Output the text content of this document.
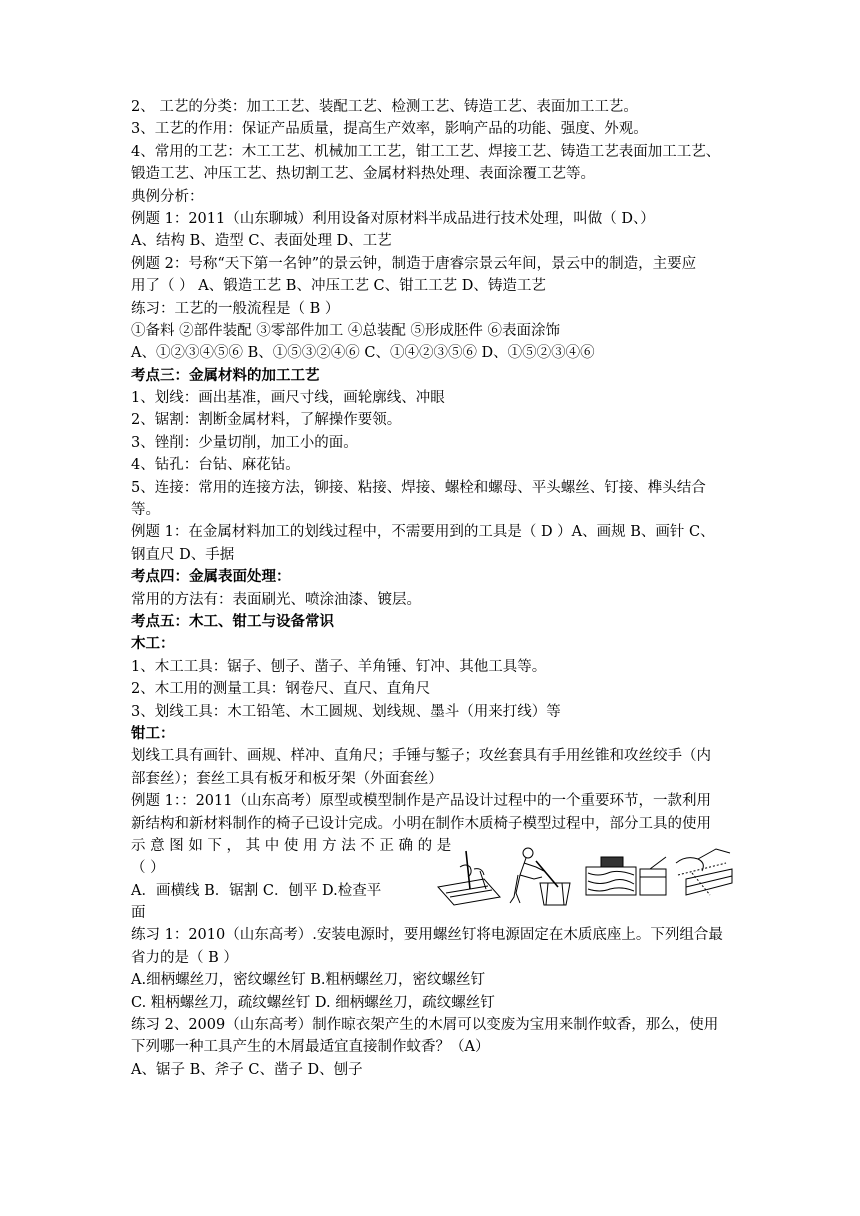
2、 工艺的分类：加工工艺、装配工艺、检测工艺、铸造工艺、表面加工工艺。
3、工艺的作用：保证产品质量，提高生产效率，影响产品的功能、强度、外观。
4、常用的工艺：木工工艺、机械加工工艺，钳工工艺、焊接工艺、铸造工艺表面加工工艺、
锻造工艺、冲压工艺、热切割工艺、金属材料热处理、表面涂覆工艺等。
典例分析：
例题 1：2011（山东聊城）利用设备对原材料半成品进行技术处理，叫做（ D、）
A、结构 B、造型 C、表面处理 D、工艺
例题 2：号称“天下第一名钟”的景云钟，制造于唐睿宗景云年间，景云中的制造，主要应
用了（ ） A、锻造工艺 B、冲压工艺 C、钳工工艺 D、铸造工艺
练习：工艺的一般流程是（ B ）
①备料 ②部件装配 ③零部件加工 ④总装配 ⑤形成胚件 ⑥表面涂饰
A、①②③④⑤⑥ B、①⑤③②④⑥ C、①④②③⑤⑥ D、①⑤②③④⑥
考点三：金属材料的加工工艺
1、划线：画出基准，画尺寸线，画轮廓线、冲眼
2、锯割：割断金属材料，了解操作要领。
3、锉削：少量切削，加工小的面。
4、钻孔：台钻、麻花钻。
5、连接：常用的连接方法，铆接、粘接、焊接、螺栓和螺母、平头螺丝、钉接、榫头结合
等。
例题 1：在金属材料加工的划线过程中，不需要用到的工具是（ D ）A、画规 B、画针 C、
钢直尺 D、手据
考点四：金属表面处理：
常用的方法有：表面刷光、喷涂油漆、镀层。
考点五：木工、钳工与设备常识
木工：
1、木工工具：锯子、刨子、凿子、羊角锤、钉冲、其他工具等。
2、木工用的测量工具：钢卷尺、直尺、直角尺
3、划线工具：木工铅笔、木工圆规、划线规、墨斗（用来打线）等
钳工：
划线工具有画针、画规、样冲、直角尺；手锤与錾子；攻丝套具有手用丝锥和攻丝绞手（内
部套丝）；套丝工具有板牙和板牙架（外面套丝）
例题 1：：2011（山东高考）原型或模型制作是产品设计过程中的一个重要环节，一款利用
新结构和新材料制作的椅子已设计完成。小明在制作木质椅子模型过程中，部分工具的使用
示 意 图 如 下 ， 其 中 使 用 方 法 不 正 确 的 是
（ ）
A．画横线 B．锯割 C．刨平 D.检查平
面
练习 1：2010（山东高考）.安装电源时，要用螺丝钉将电源固定在木质底座上。下列组合最
省力的是（ B ）
A.细柄螺丝刀，密纹螺丝钉 B.粗柄螺丝刀，密纹螺丝钉
C. 粗柄螺丝刀，疏纹螺丝钉 D. 细柄螺丝刀，疏纹螺丝钉
练习 2、2009（山东高考）制作晾衣架产生的木屑可以变废为宝用来制作蚊香，那么，使用
下列哪一种工具产生的木屑最适宜直接制作蚊香？（A）
A、锯子 B、斧子 C、凿子 D、刨子
